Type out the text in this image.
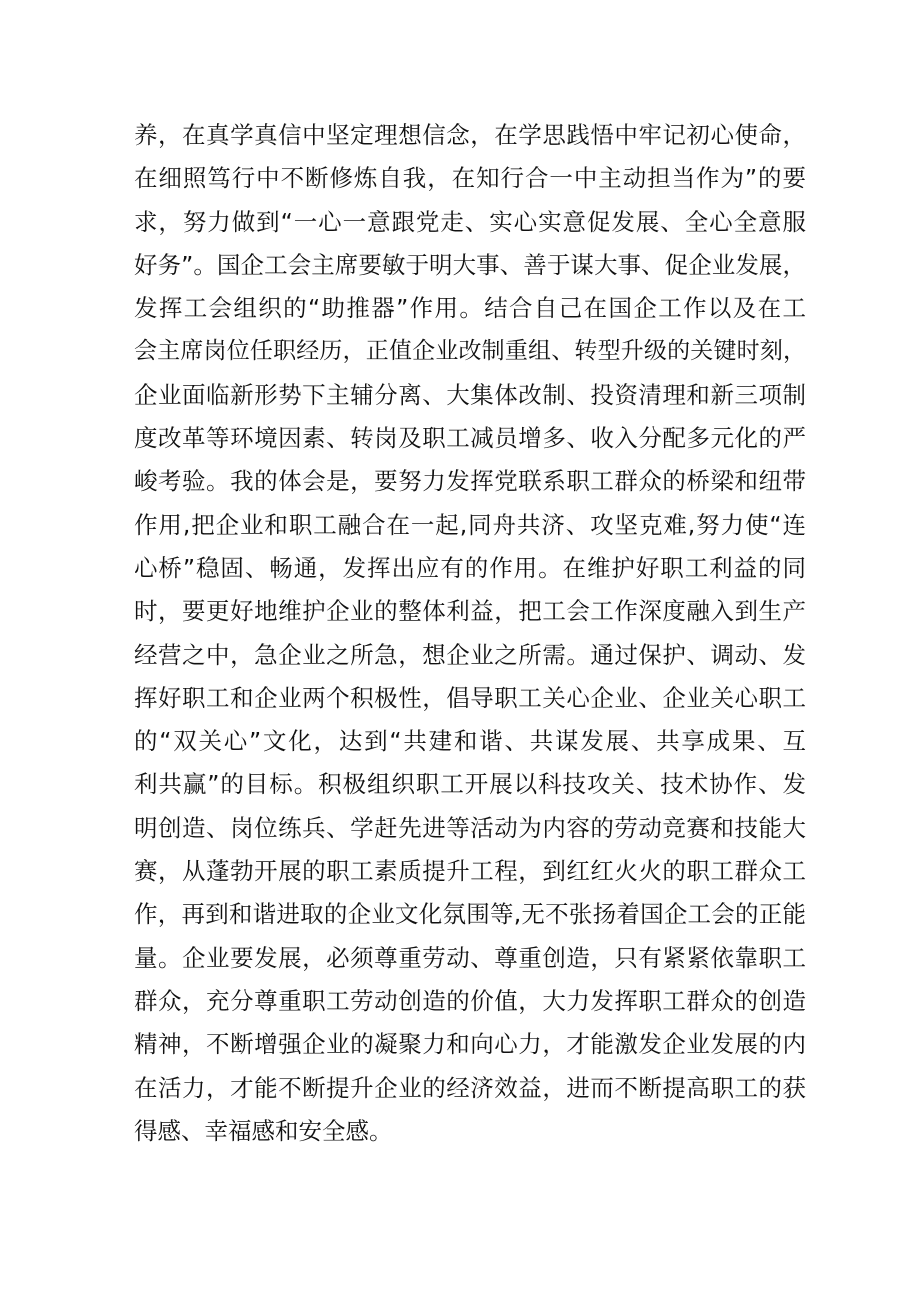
养，在真学真信中坚定理想信念，在学思践悟中牢记初心使命，
在细照笃行中不断修炼自我，在知行合一中主动担当作为”的要
求，努力做到“一心一意跟党走、实心实意促发展、全心全意服
好务”。国企工会主席要敏于明大事、善于谋大事、促企业发展，
发挥工会组织的“助推器”作用。结合自己在国企工作以及在工
会主席岗位任职经历，正值企业改制重组、转型升级的关键时刻，
企业面临新形势下主辅分离、大集体改制、投资清理和新三项制
度改革等环境因素、转岗及职工减员增多、收入分配多元化的严
峻考验。我的体会是，要努力发挥党联系职工群众的桥梁和纽带
作用,把企业和职工融合在一起,同舟共济、攻坚克难,努力使“连
心桥”稳固、畅通，发挥出应有的作用。在维护好职工利益的同
时，要更好地维护企业的整体利益，把工会工作深度融入到生产
经营之中，急企业之所急，想企业之所需。通过保护、调动、发
挥好职工和企业两个积极性，倡导职工关心企业、企业关心职工
的“双关心”文化，达到“共建和谐、共谋发展、共享成果、互
利共赢”的目标。积极组织职工开展以科技攻关、技术协作、发
明创造、岗位练兵、学赶先进等活动为内容的劳动竞赛和技能大
赛，从蓬勃开展的职工素质提升工程，到红红火火的职工群众工
作，再到和谐进取的企业文化氛围等,无不张扬着国企工会的正能
量。企业要发展，必须尊重劳动、尊重创造，只有紧紧依靠职工
群众，充分尊重职工劳动创造的价值，大力发挥职工群众的创造
精神，不断增强企业的凝聚力和向心力，才能激发企业发展的内
在活力，才能不断提升企业的经济效益，进而不断提高职工的获
得感、幸福感和安全感。
